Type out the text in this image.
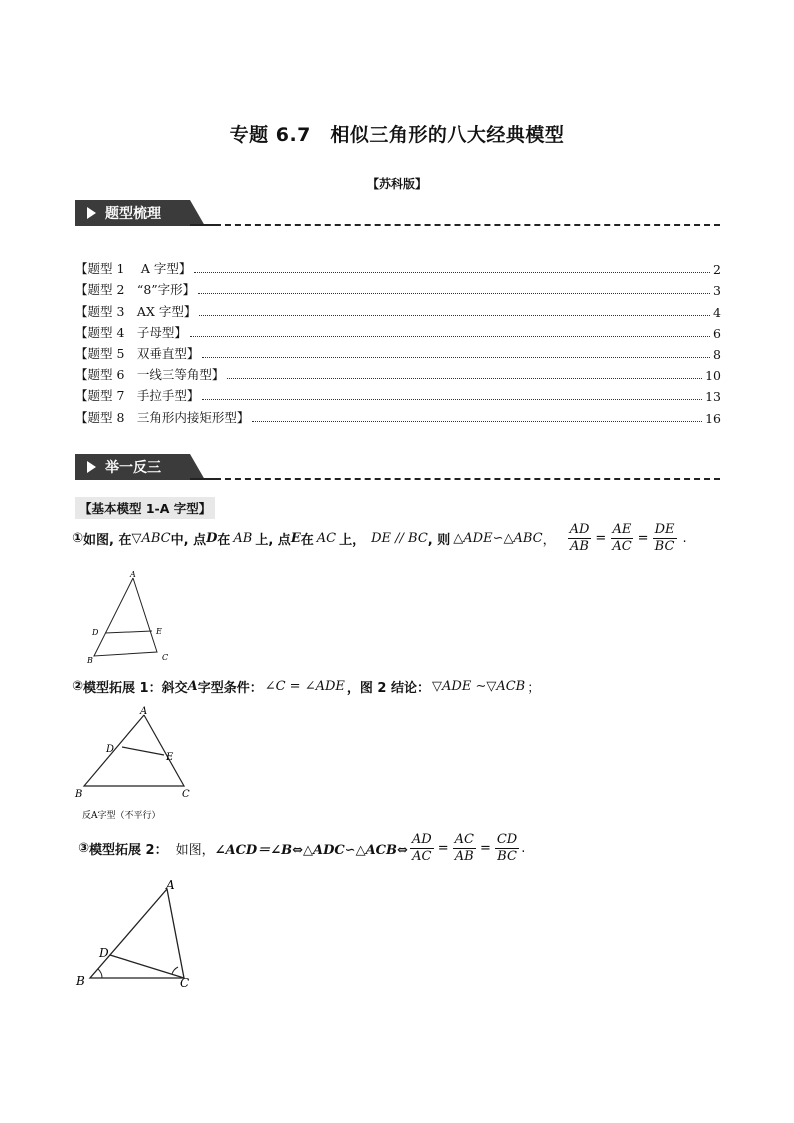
专题 6.7　相似三角形的八大经典模型
【苏科版】
题型梳理
【题型 1　 A 字型】	2
【题型 2　“8”字形】	3
【题型 3　AX 字型】	4
【题型 4　子母型】	6
【题型 5　双垂直型】	8
【题型 6　一线三等角型】	10
【题型 7　手拉手型】	13
【题型 8　三角形内接矩形型】	16
举一反三
【基本模型 1-A 字型】
① 如图, 在 ▽ABC 中, 点 D 在 AB 上, 点 E 在 AC 上， DE // BC , 则 △ADE∽△ABC ， $\frac{AD}{AB} = \frac{AE}{AC} = \frac{DE}{BC}$ .
A
D	E
B	C
② 模型拓展 1：斜交 A 字型条件： ∠C = ∠ADE ，图 2 结论： ▽ADE ∼▽ACB ；
A
D
E
B	C
反A字型（不平行）
③ 模型拓展 2： 如图， ∠ACD＝∠B⇔△ADC∽△ACB⇔ $\frac{AD}{AC} = \frac{AC}{AB} = \frac{CD}{BC}$ .
A
D
B	C
